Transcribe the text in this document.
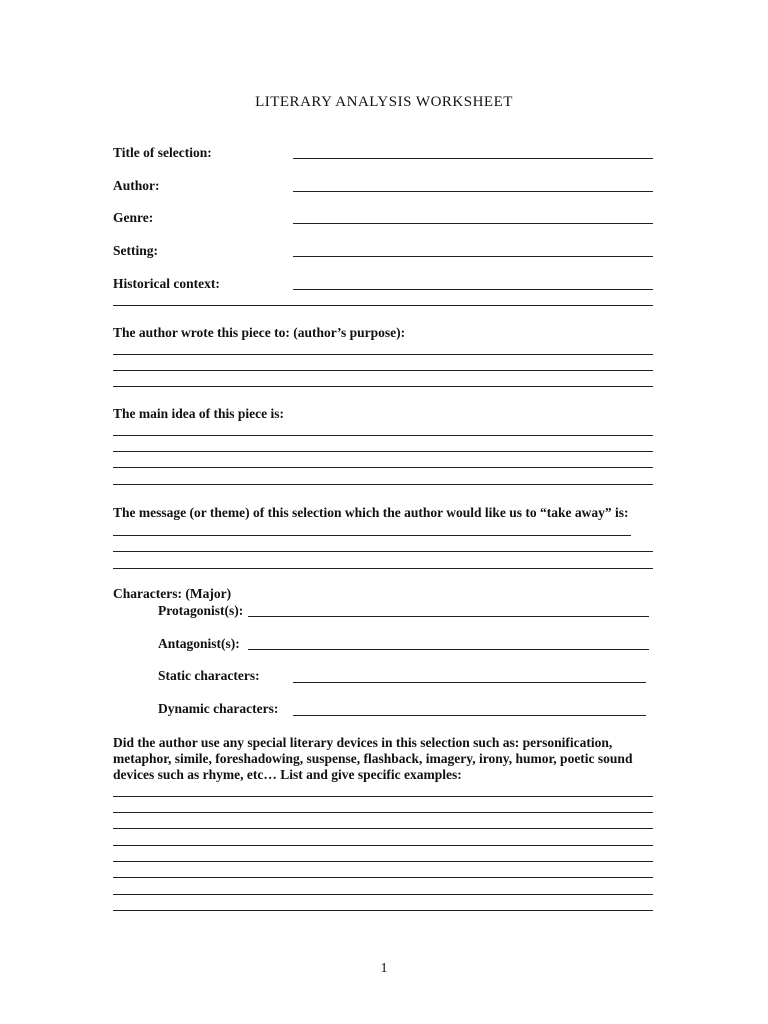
LITERARY ANALYSIS WORKSHEET
Title of selection:
Author:
Genre:
Setting:
Historical context:
The author wrote this piece to: (author’s purpose):
The main idea of this piece is:
The message (or theme) of this selection which the author would like us to “take away” is:
Characters: (Major)
Protagonist(s):
Antagonist(s):
Static characters:
Dynamic characters:
Did the author use any special literary devices in this selection such as: personification, metaphor, simile, foreshadowing, suspense, flashback, imagery, irony, humor, poetic sound devices such as rhyme, etc… List and give specific examples:
1
